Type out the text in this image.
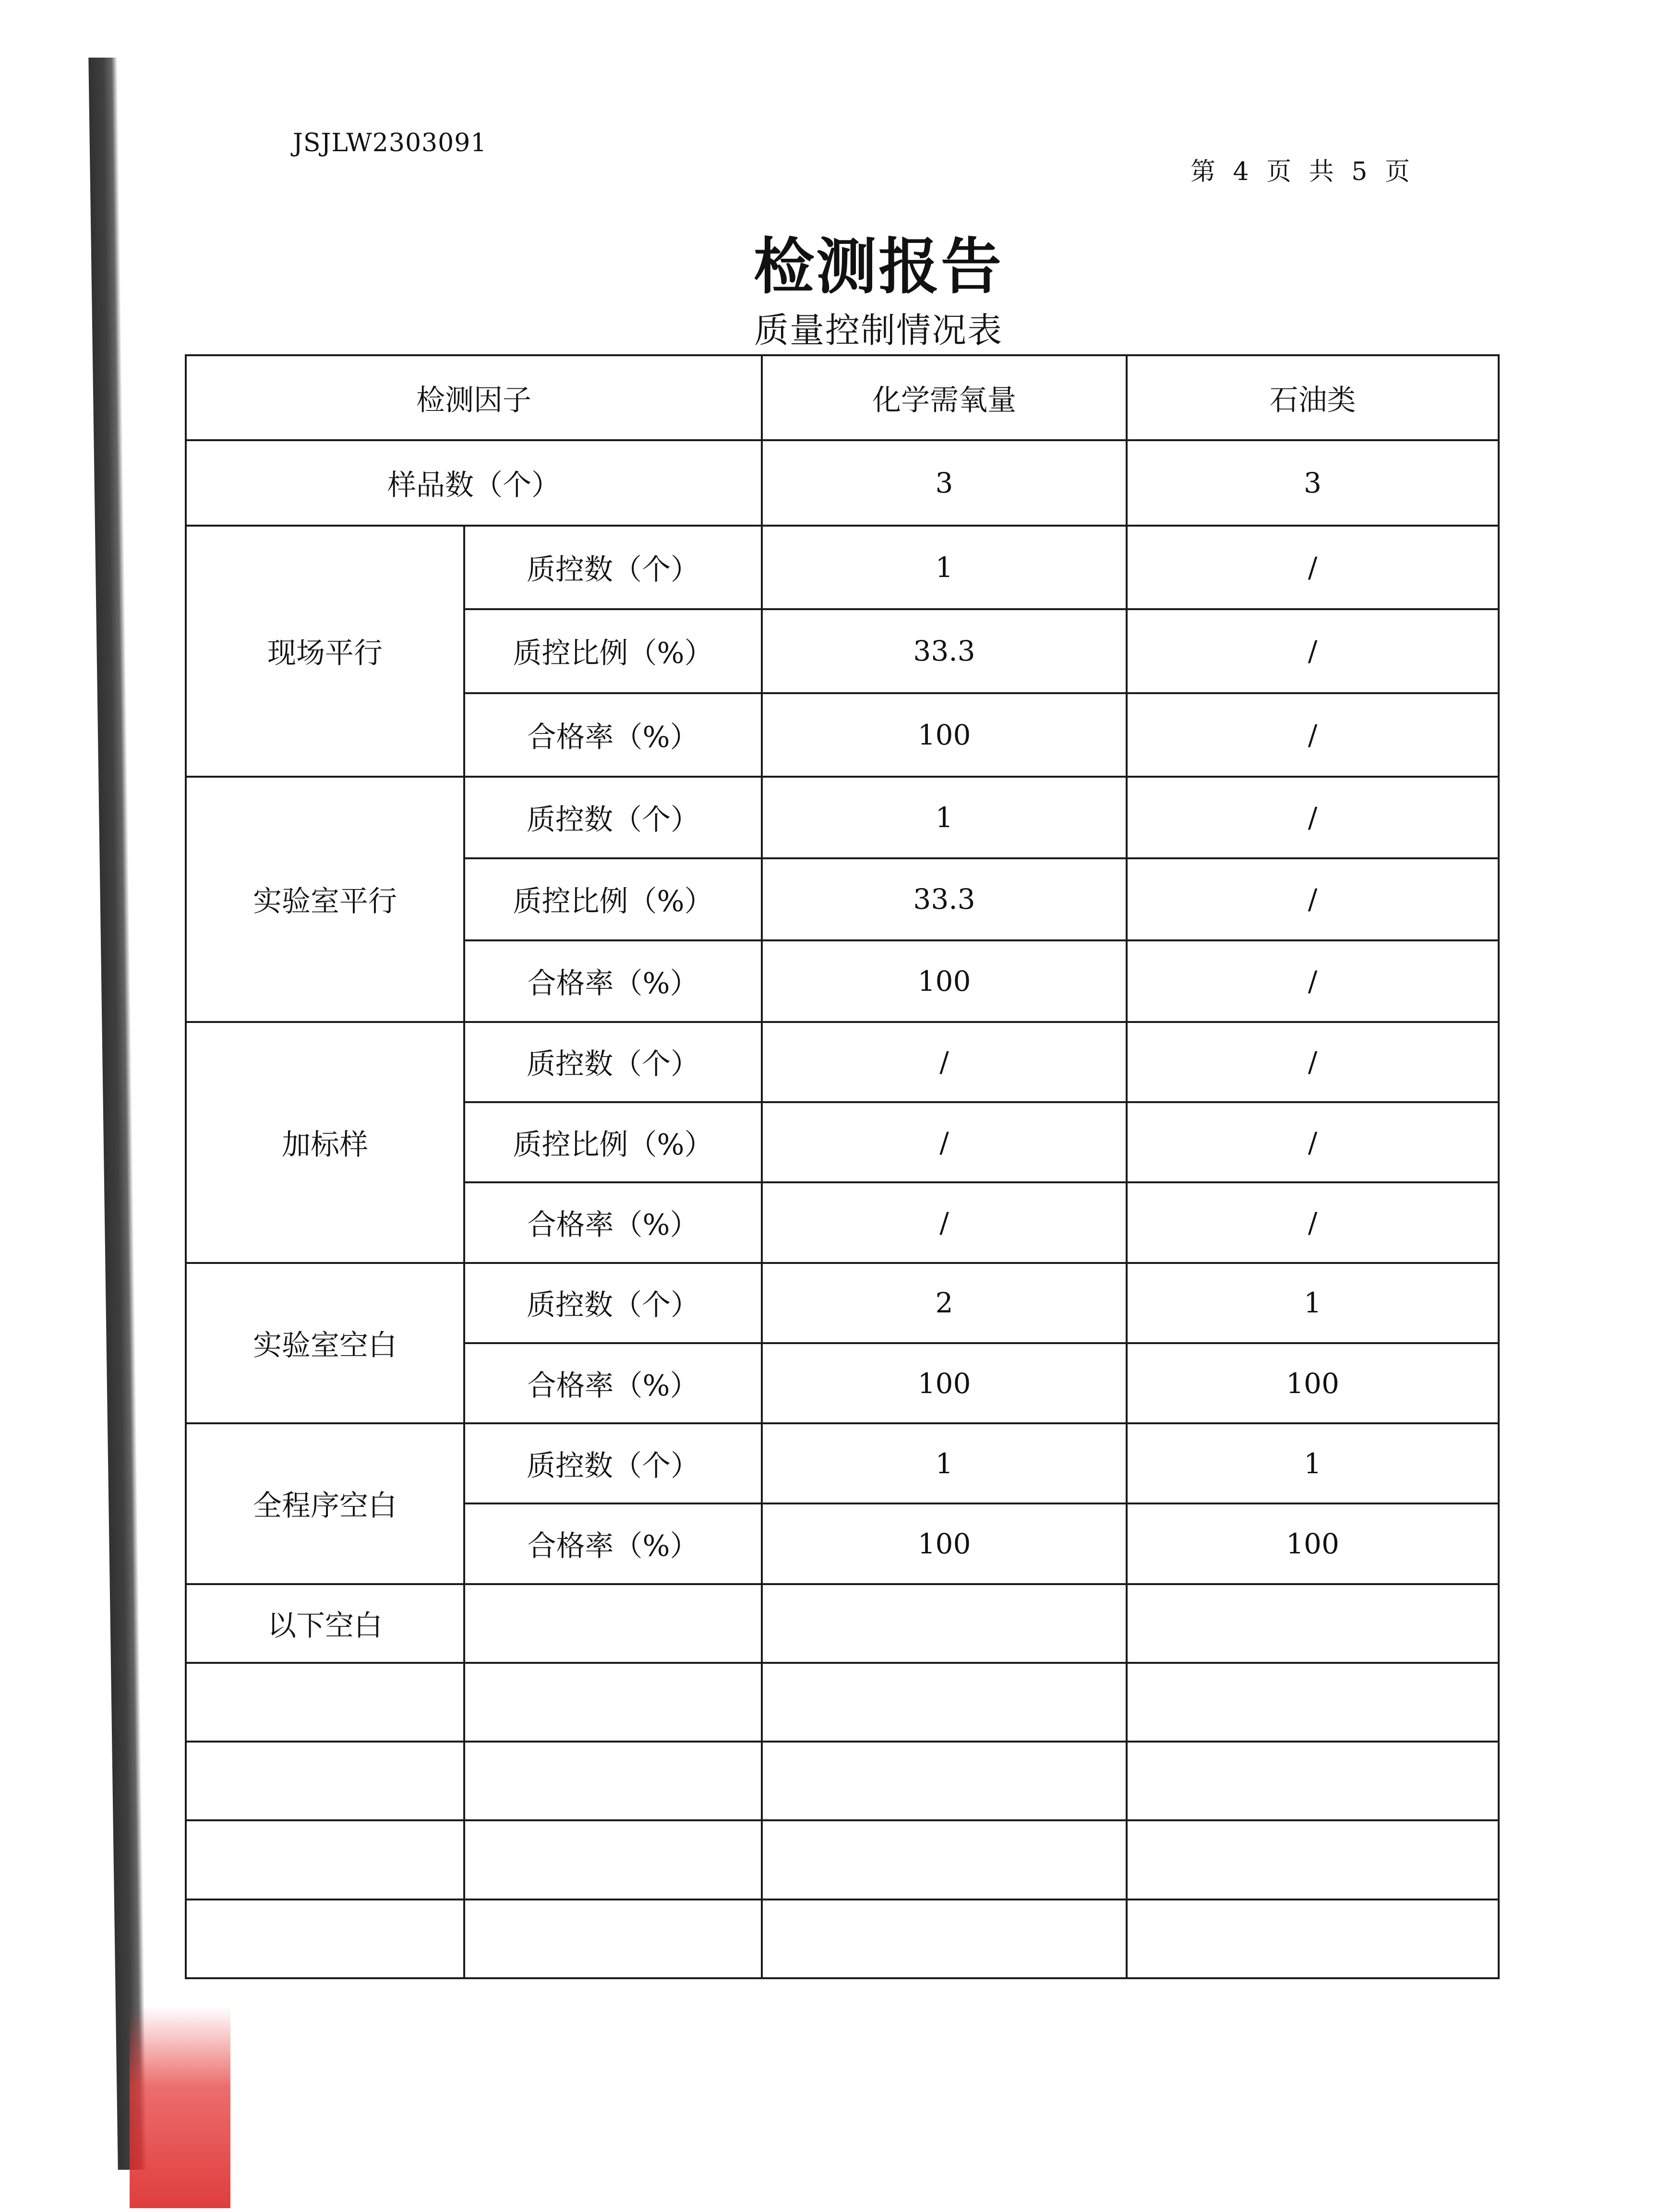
JSJLW2303091
第 4 页 共 5 页
检测报告
质量控制情况表
检测因子		化学需氧量	石油类
样品数（个）		3	3
现场平行	质控数（个）	1	/
	质控比例（%）	33.3	/
	合格率（%）	100	/
实验室平行	质控数（个）	1	/
	质控比例（%）	33.3	/
	合格率（%）	100	/
加标样	质控数（个）	/	/
	质控比例（%）	/	/
	合格率（%）	/	/
实验室空白	质控数（个）	2	1
	合格率（%）	100	100
全程序空白	质控数（个）	1	1
	合格率（%）	100	100
以下空白			
